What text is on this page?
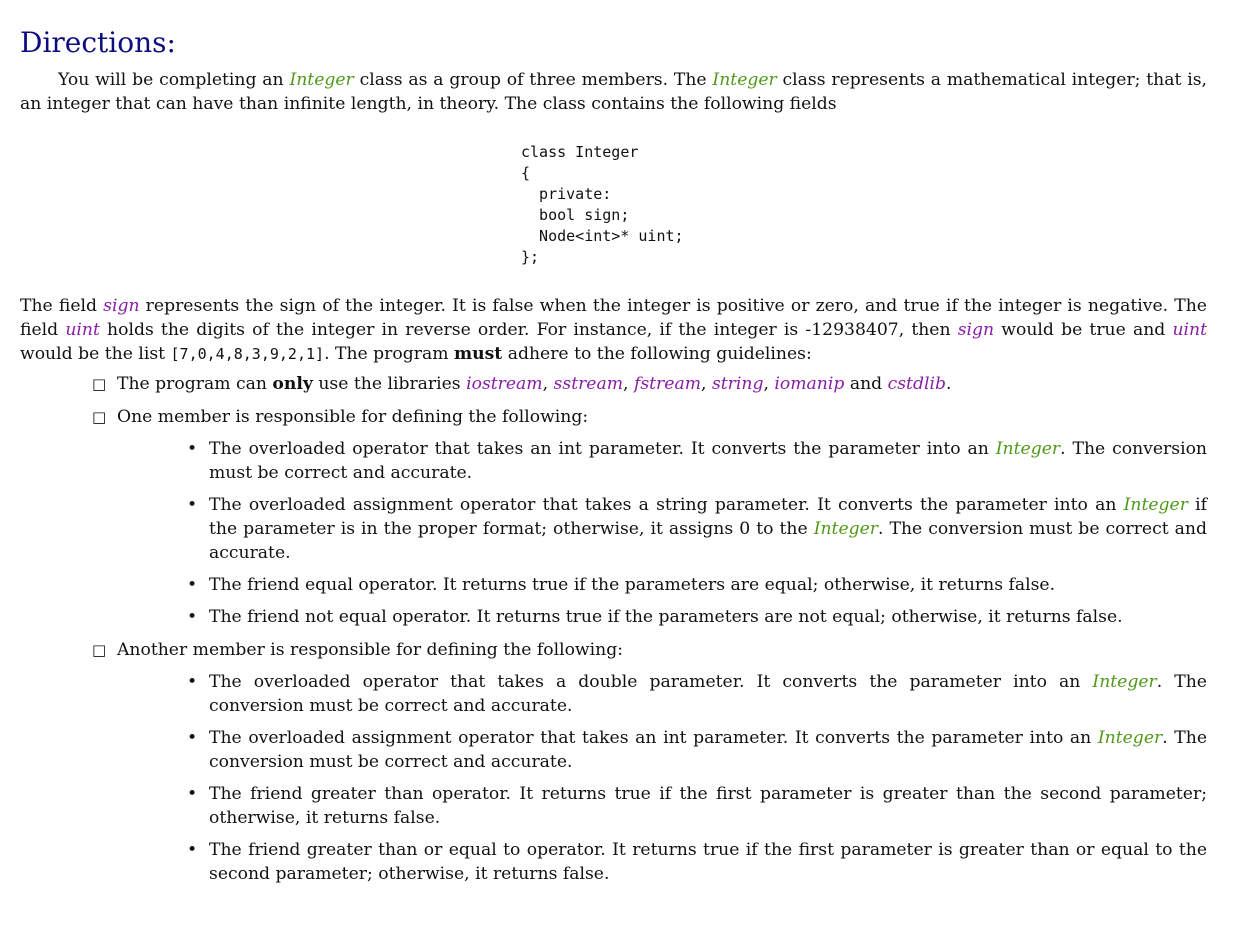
Directions:

You will be completing an Integer class as a group of three members. The Integer class represents a mathematical integer; that is, an integer that can have than infinite length, in theory. The class contains the following fields

class Integer
{
private:
bool sign;
Node<int>* uint;
};

The field sign represents the sign of the integer. It is false when the integer is positive or zero, and true if the integer is negative. The field uint holds the digits of the integer in reverse order. For instance, if the integer is -12938407, then sign would be true and uint would be the list [7,0,4,8,3,9,2,1]. The program must adhere to the following guidelines:

□ The program can only use the libraries iostream, sstream, fstream, string, iomanip and cstdlib.
□ One member is responsible for defining the following:
• The overloaded operator that takes an int parameter. It converts the parameter into an Integer. The conversion must be correct and accurate.
• The overloaded assignment operator that takes a string parameter. It converts the parameter into an Integer if the parameter is in the proper format; otherwise, it assigns 0 to the Integer. The conversion must be correct and accurate.
• The friend equal operator. It returns true if the parameters are equal; otherwise, it returns false.
• The friend not equal operator. It returns true if the parameters are not equal; otherwise, it returns false.
□ Another member is responsible for defining the following:
• The overloaded operator that takes a double parameter. It converts the parameter into an Integer. The conversion must be correct and accurate.
• The overloaded assignment operator that takes an int parameter. It converts the parameter into an Integer. The conversion must be correct and accurate.
• The friend greater than operator. It returns true if the first parameter is greater than the second parameter; otherwise, it returns false.
• The friend greater than or equal to operator. It returns true if the first parameter is greater than or equal to the second parameter; otherwise, it returns false.
